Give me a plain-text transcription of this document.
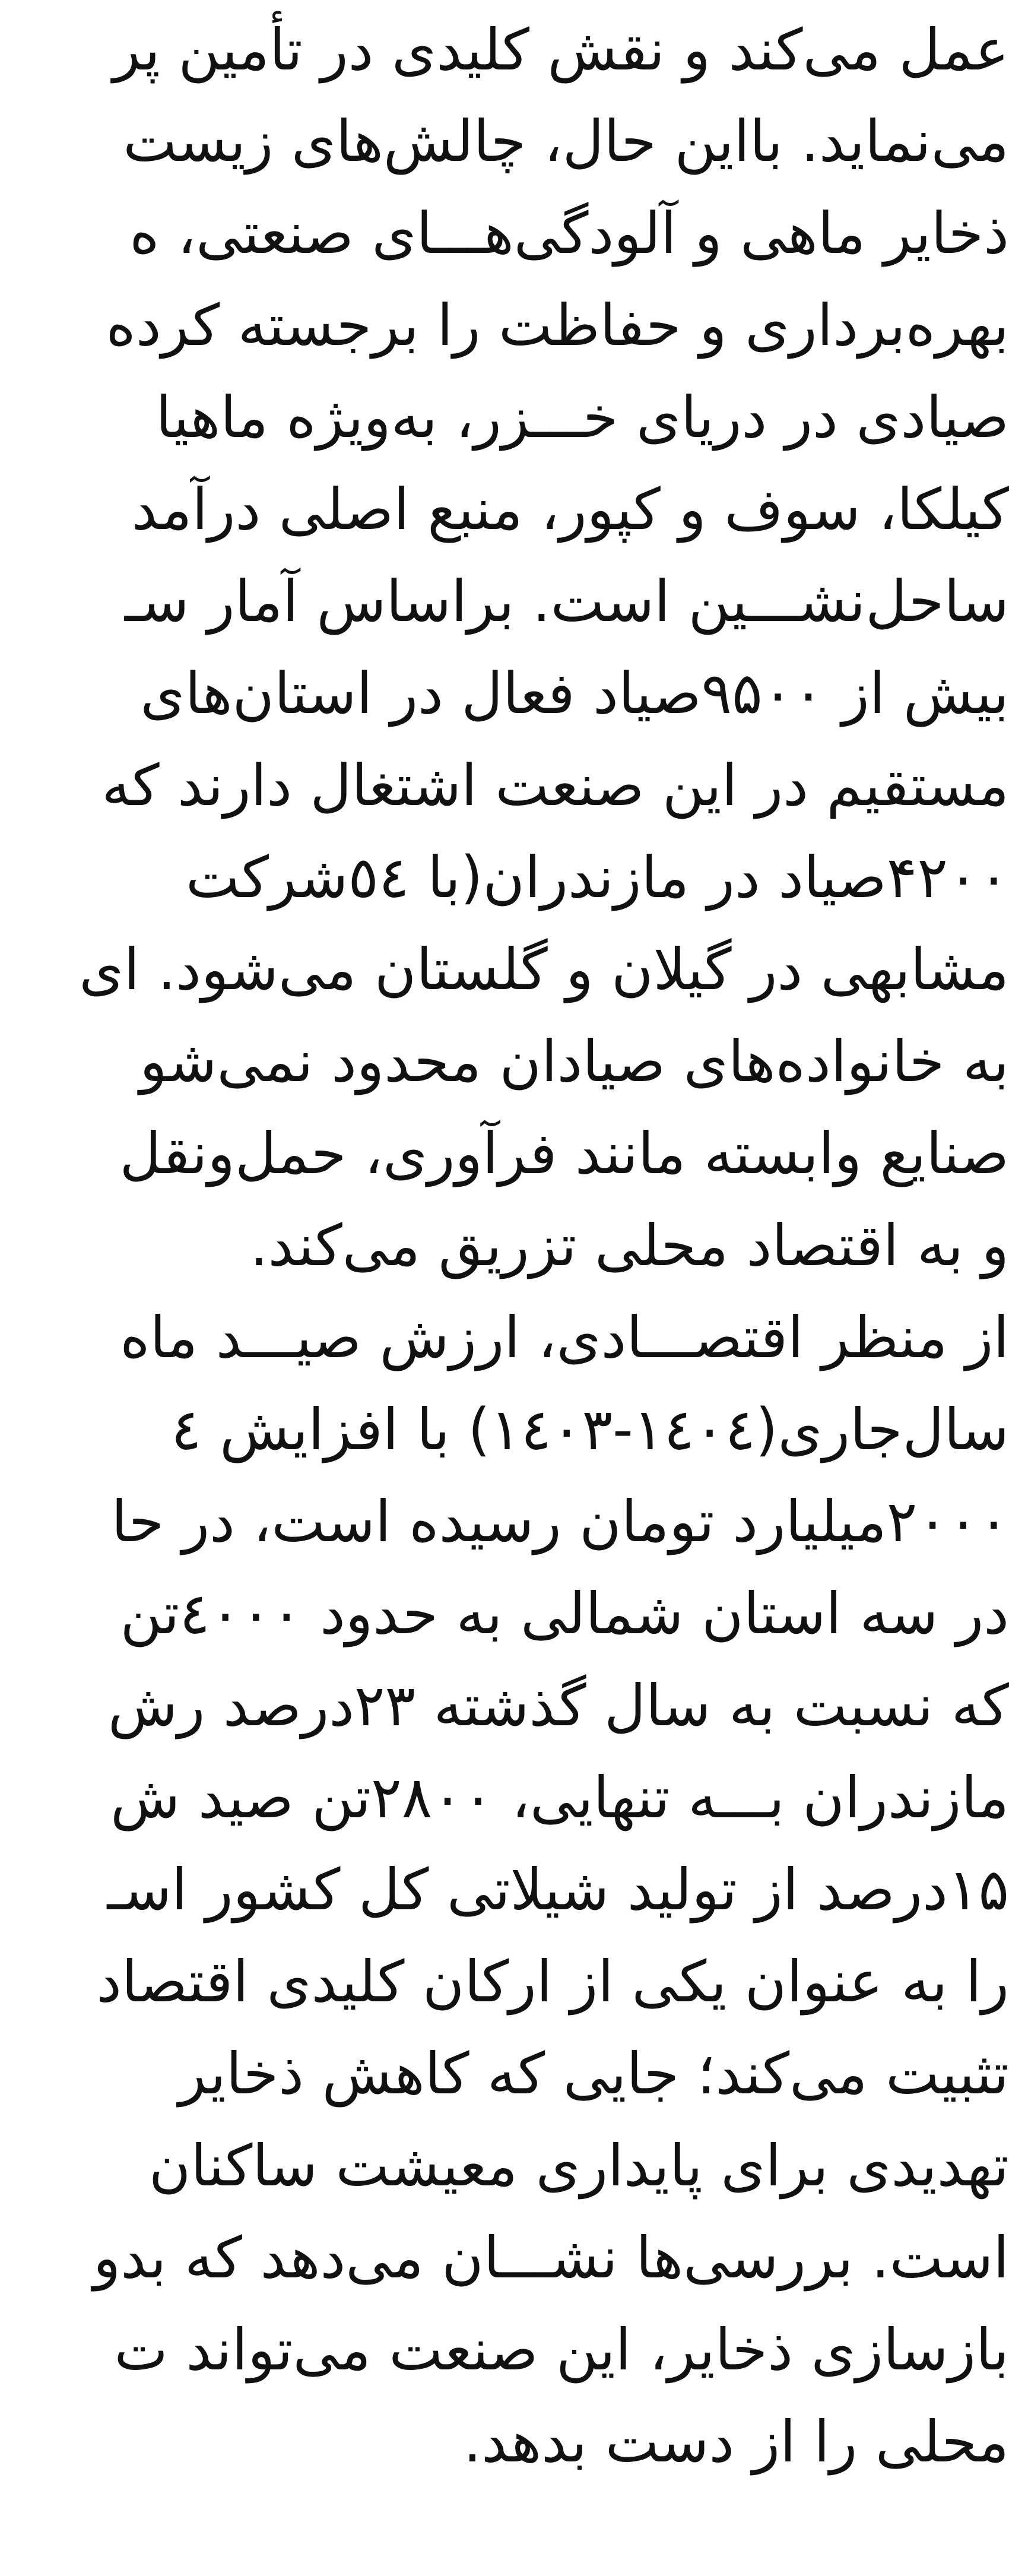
عمل می‌کند و نقش کلیدی در تأمین پر
می‌نماید. بااین حال، چالش‌های زیست
ذخایر ماهی و آلودگی‌هـــای صنعتی، ه
بهره‌برداری و حفاظت را برجسته کرده
صیادی در دریای خـــزر، به‌ویژه ماهیا
کیلکا، سوف و کپور، منبع اصلی درآمد
ساحل‌نشـــین است. براساس آمار سـ
بیش از ۹۵۰۰صیاد فعال در استان‌های
مستقیم در این صنعت اشتغال دارند که
۴۲۰۰صیاد در مازندران(با ٥٤شرکت
مشابهی در گیلان و گلستان می‌شود. ای
به خانواده‌های صیادان محدود نمی‌شو
صنایع وابسته مانند فرآوری، حمل‌ونقل
و به اقتصاد محلی تزریق می‌کند.
از منظر اقتصـــادی، ارزش صیـــد ماه
سال‌جاری(۱٤۰٤-۱٤۰۳) با افزایش ٤
۲۰۰۰میلیارد تومان رسیده است، در حا
در سه استان شمالی به حدود ٤۰۰۰تن
که نسبت به سال گذشته ۲۳درصد رش
مازندران بـــه تنهایی، ۲۸۰۰تن صید ش
۱۵درصد از تولید شیلاتی کل کشور اسـ
را به عنوان یکی از ارکان کلیدی اقتصاد
تثبیت می‌کند؛ جایی که کاهش ذخایر
تهدیدی برای پایداری معیشت ساکنان
است. بررسی‌ها نشـــان می‌دهد که بدو
بازسازی ذخایر، این صنعت می‌تواند ت
محلی را از دست بدهد.
